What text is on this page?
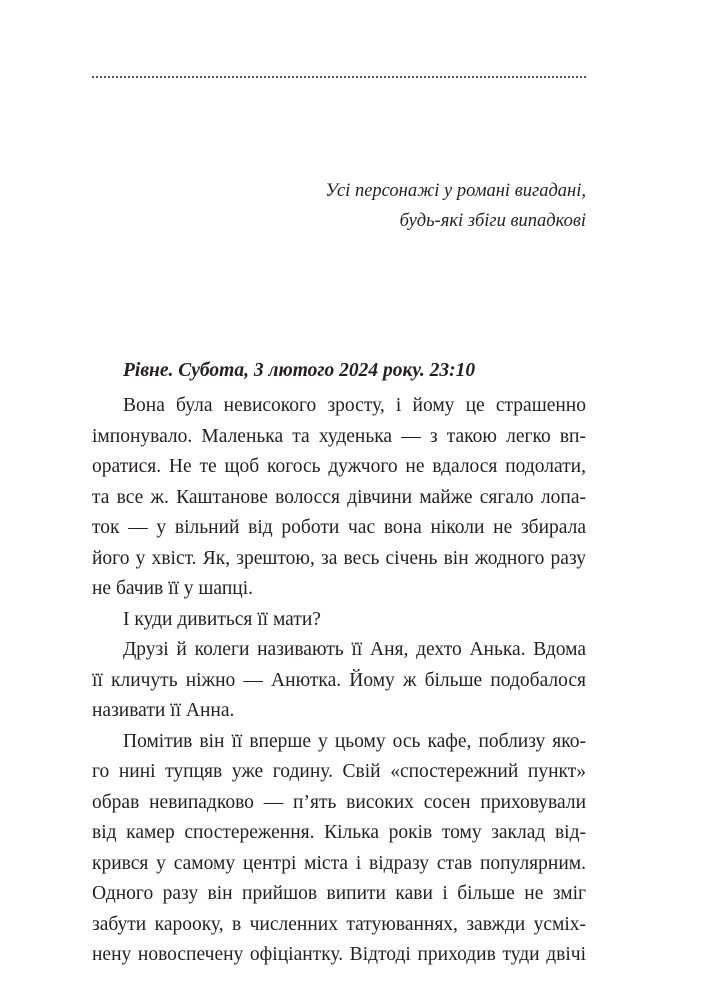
Усі персонажі у романі вигадані,
будь-які збіги випадкові
Рівне. Субота, 3 лютого 2024 року. 23:10
Вона була невисокого зросту, і йому це страшенно
імпонувало. Маленька та худенька — з такою легко вп-
оратися. Не те щоб когось дужчого не вдалося подолати,
та все ж. Каштанове волосся дівчини майже сягало лопа-
ток — у вільний від роботи час вона ніколи не збирала
його у хвіст. Як, зрештою, за весь січень він жодного разу
не бачив її у шапці.
І куди дивиться її мати?
Друзі й колеги називають її Аня, дехто Анька. Вдома
її кличуть ніжно — Анютка. Йому ж більше подобалося
називати її Анна.
Помітив він її вперше у цьому ось кафе, поблизу яко-
го нині тупцяв уже годину. Свій «спостережний пункт»
обрав невипадково — п’ять високих сосен приховували
від камер спостереження. Кілька років тому заклад від-
крився у самому центрі міста і відразу став популярним.
Одного разу він прийшов випити кави і більше не зміг
забути карооку, в численних татуюваннях, завжди усміх-
нену новоспечену офіціантку. Відтоді приходив туди двічі
